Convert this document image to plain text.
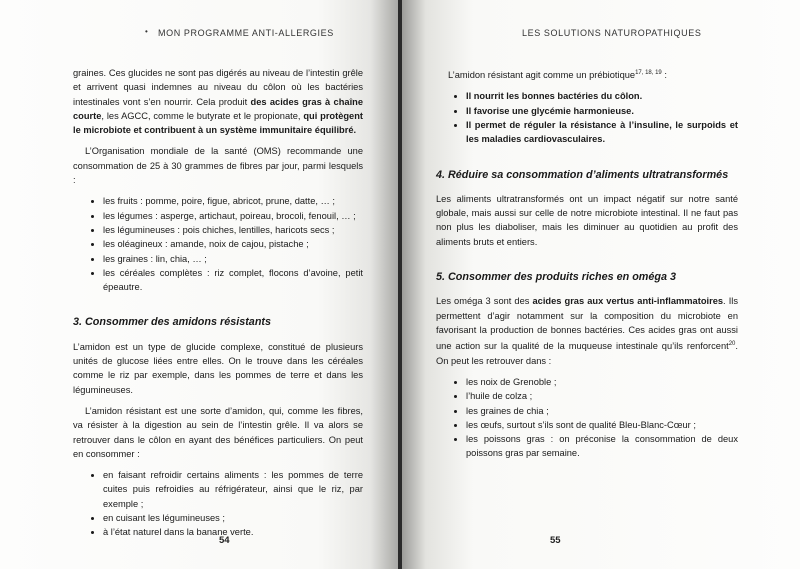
• MON PROGRAMME ANTI-ALLERGIES

graines. Ces glucides ne sont pas digérés au niveau de l’intestin grêle et arrivent quasi indemnes au niveau du côlon où les bactéries intestinales vont s’en nourrir. Cela produit des acides gras à chaîne courte, les AGCC, comme le butyrate et le propionate, qui protègent le microbiote et contribuent à un système immunitaire équilibré.

L’Organisation mondiale de la santé (OMS) recommande une consommation de 25 à 30 grammes de fibres par jour, parmi lesquels :

• les fruits : pomme, poire, figue, abricot, prune, datte, … ;
• les légumes : asperge, artichaut, poireau, brocoli, fenouil, … ;
• les légumineuses : pois chiches, lentilles, haricots secs ;
• les oléagineux : amande, noix de cajou, pistache ;
• les graines : lin, chia, … ;
• les céréales complètes : riz complet, flocons d’avoine, petit épeautre.
3. Consommer des amidons résistants

L’amidon est un type de glucide complexe, constitué de plusieurs unités de glucose liées entre elles. On le trouve dans les céréales comme le riz par exemple, dans les pommes de terre et dans les légumineuses.

L’amidon résistant est une sorte d’amidon, qui, comme les fibres, va résister à la digestion au sein de l’intestin grêle. Il va alors se retrouver dans le côlon en ayant des bénéfices particuliers. On peut en consommer :

• en faisant refroidir certains aliments : les pommes de terre cuites puis refroidies au réfrigérateur, ainsi que le riz, par exemple ;
• en cuisant les légumineuses ;
• à l’état naturel dans la banane verte.
54
LES SOLUTIONS NATUROPATHIQUES

L’amidon résistant agit comme un prébiotique$^{17, 18, 19}$ :

• Il nourrit les bonnes bactéries du côlon.
• Il favorise une glycémie harmonieuse.
• Il permet de réguler la résistance à l’insuline, le surpoids et les maladies cardiovasculaires.
4. Réduire sa consommation d’aliments ultratransformés

Les aliments ultratransformés ont un impact négatif sur notre santé globale, mais aussi sur celle de notre microbiote intestinal. Il ne faut pas non plus les diaboliser, mais les diminuer au quotidien au profit des aliments bruts et entiers.

5. Consommer des produits riches en oméga 3

Les oméga 3 sont des acides gras aux vertus anti-inflammatoires. Ils permettent d’agir notamment sur la composition du microbiote en favorisant la production de bonnes bactéries. Ces acides gras ont aussi une action sur la qualité de la muqueuse intestinale qu’ils renforcent$^{20}$. On peut les retrouver dans :

• les noix de Grenoble ;
• l’huile de colza ;
• les graines de chia ;
• les œufs, surtout s’ils sont de qualité Bleu-Blanc-Cœur ;
• les poissons gras : on préconise la consommation de deux poissons gras par semaine.
55
